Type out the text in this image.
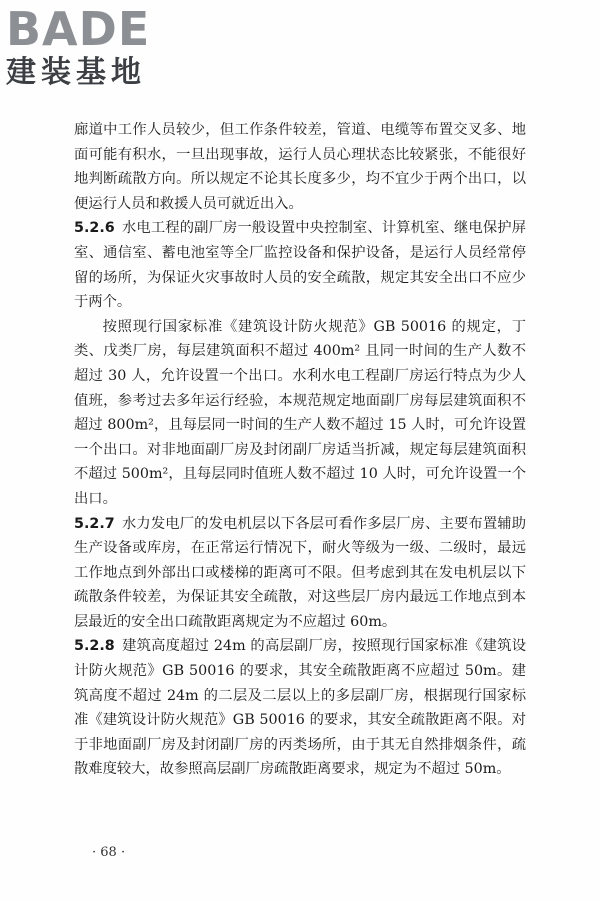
BADE
建装基地

廊道中工作人员较少，但工作条件较差，管道、电缆等布置交叉多、地面可能有积水，一旦出现事故，运行人员心理状态比较紧张，不能很好地判断疏散方向。所以规定不论其长度多少，均不宜少于两个出口，以便运行人员和救援人员可就近出入。

5.2.6 水电工程的副厂房一般设置中央控制室、计算机室、继电保护屏室、通信室、蓄电池室等全厂监控设备和保护设备，是运行人员经常停留的场所，为保证火灾事故时人员的安全疏散，规定其安全出口不应少于两个。

按照现行国家标准《建筑设计防火规范》GB 50016 的规定，丁类、戊类厂房，每层建筑面积不超过 400m² 且同一时间的生产人数不超过 30 人，允许设置一个出口。水利水电工程副厂房运行特点为少人值班，参考过去多年运行经验，本规范规定地面副厂房每层建筑面积不超过 800m²，且每层同一时间的生产人数不超过 15 人时，可允许设置一个出口。对非地面副厂房及封闭副厂房适当折减，规定每层建筑面积不超过 500m²，且每层同时值班人数不超过 10 人时，可允许设置一个出口。

5.2.7 水力发电厂的发电机层以下各层可看作多层厂房、主要布置辅助生产设备或库房，在正常运行情况下，耐火等级为一级、二级时，最远工作地点到外部出口或楼梯的距离可不限。但考虑到其在发电机层以下疏散条件较差，为保证其安全疏散，对这些层厂房内最远工作地点到本层最近的安全出口疏散距离规定为不应超过 60m。

5.2.8 建筑高度超过 24m 的高层副厂房，按照现行国家标准《建筑设计防火规范》GB 50016 的要求，其安全疏散距离不应超过 50m。建筑高度不超过 24m 的二层及二层以上的多层副厂房，根据现行国家标准《建筑设计防火规范》GB 50016 的要求，其安全疏散距离不限。对于非地面副厂房及封闭副厂房的丙类场所，由于其无自然排烟条件，疏散难度较大，故参照高层副厂房疏散距离要求，规定为不超过 50m。

· 68 ·
